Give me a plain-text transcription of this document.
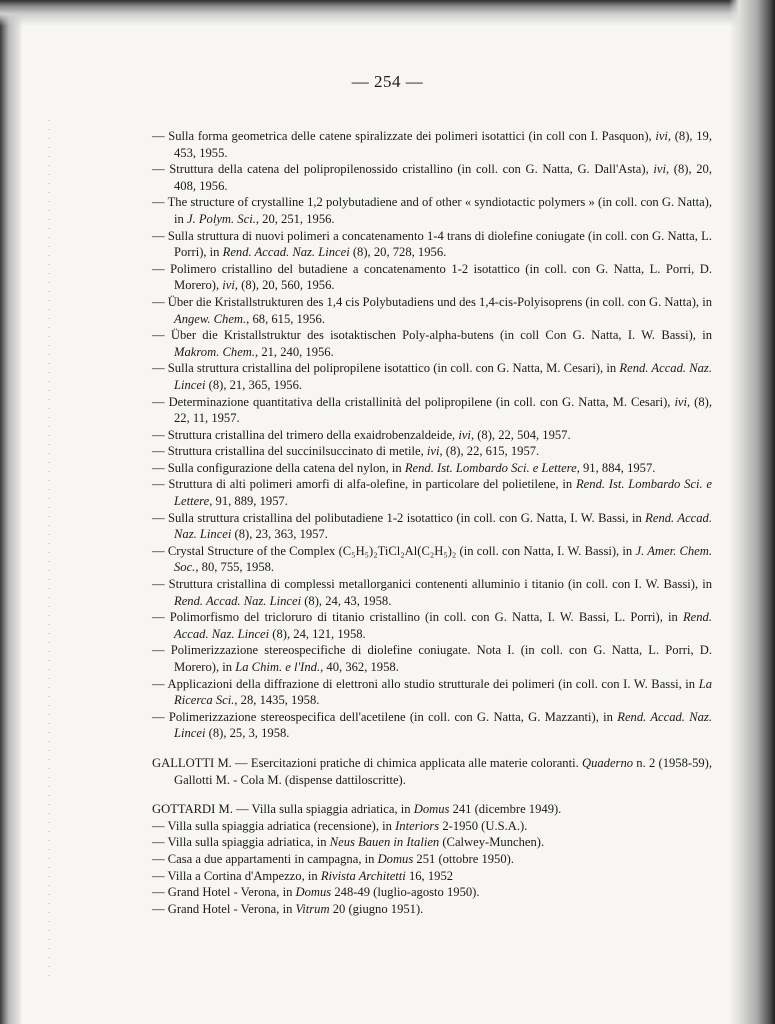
— 254 —

— Sulla forma geometrica delle catene spiralizzate dei polimeri isotattici (in coll con I. Pasquon), ivi, (8), 19, 453, 1955.

— Struttura della catena del polipropilenossido cristallino (in coll. con G. Natta, G. Dall'Asta), ivi, (8), 20, 408, 1956.

— The structure of crystalline 1,2 polybutadiene and of other « syndiotactic polymers » (in coll. con G. Natta), in J. Polym. Sci., 20, 251, 1956.

— Sulla struttura di nuovi polimeri a concatenamento 1-4 trans di diolefine coniugate (in coll. con G. Natta, L. Porri), in Rend. Accad. Naz. Lincei (8), 20, 728, 1956.

— Polimero cristallino del butadiene a concatenamento 1-2 isotattico (in coll. con G. Natta, L. Porri, D. Morero), ivi, (8), 20, 560, 1956.

— Über die Kristallstrukturen des 1,4 cis Polybutadiens und des 1,4-cis-Polyisoprens (in coll. con G. Natta), in Angew. Chem., 68, 615, 1956.

— Über die Kristallstruktur des isotaktischen Poly-alpha-butens (in coll Con G. Natta, I. W. Bassi), in Makrom. Chem., 21, 240, 1956.

— Sulla struttura cristallina del polipropilene isotattico (in coll. con G. Natta, M. Cesari), in Rend. Accad. Naz. Lincei (8), 21, 365, 1956.

— Determinazione quantitativa della cristallinità del polipropilene (in coll. con G. Natta, M. Cesari), ivi, (8), 22, 11, 1957.

— Struttura cristallina del trimero della exaidrobenzaldeide, ivi, (8), 22, 504, 1957.

— Struttura cristallina del succinilsuccinato di metile, ivi, (8), 22, 615, 1957.

— Sulla configurazione della catena del nylon, in Rend. Ist. Lombardo Sci. e Lettere, 91, 884, 1957.

— Struttura di alti polimeri amorfi di alfa-olefine, in particolare del polietilene, in Rend. Ist. Lombardo Sci. e Lettere, 91, 889, 1957.

— Sulla struttura cristallina del polibutadiene 1-2 isotattico (in coll. con G. Natta, I. W. Bassi, in Rend. Accad. Naz. Lincei (8), 23, 363, 1957.

— Crystal Structure of the Complex (C₅H₅)₂TiCl₂Al(C₂H₅)₂ (in coll. con Natta, I. W. Bassi), in J. Amer. Chem. Soc., 80, 755, 1958.

— Struttura cristallina di complessi metallorganici contenenti alluminio i titanio (in coll. con I. W. Bassi), in Rend. Accad. Naz. Lincei (8), 24, 43, 1958.

— Polimorfismo del tricloruro di titanio cristallino (in coll. con G. Natta, I. W. Bassi, L. Porri), in Rend. Accad. Naz. Lincei (8), 24, 121, 1958.

— Polimerizzazione stereospecifiche di diolefine coniugate. Nota I. (in coll. con G. Natta, L. Porri, D. Morero), in La Chim. e l'Ind., 40, 362, 1958.

— Applicazioni della diffrazione di elettroni allo studio strutturale dei polimeri (in coll. con I. W. Bassi, in La Ricerca Sci., 28, 1435, 1958.

— Polimerizzazione stereospecifica dell'acetilene (in coll. con G. Natta, G. Mazzanti), in Rend. Accad. Naz. Lincei (8), 25, 3, 1958.

GALLOTTI M. — Esercitazioni pratiche di chimica applicata alle materie coloranti. Quaderno n. 2 (1958-59), Gallotti M. - Cola M. (dispense dattiloscritte).

GOTTARDI M. — Villa sulla spiaggia adriatica, in Domus 241 (dicembre 1949).

— Villa sulla spiaggia adriatica (recensione), in Interiors 2-1950 (U.S.A.).

— Villa sulla spiaggia adriatica, in Neus Bauen in Italien (Calwey-Munchen).

— Casa a due appartamenti in campagna, in Domus 251 (ottobre 1950).

— Villa a Cortina d'Ampezzo, in Rivista Architetti 16, 1952

— Grand Hotel - Verona, in Domus 248-49 (luglio-agosto 1950).

— Grand Hotel - Verona, in Vitrum 20 (giugno 1951).
